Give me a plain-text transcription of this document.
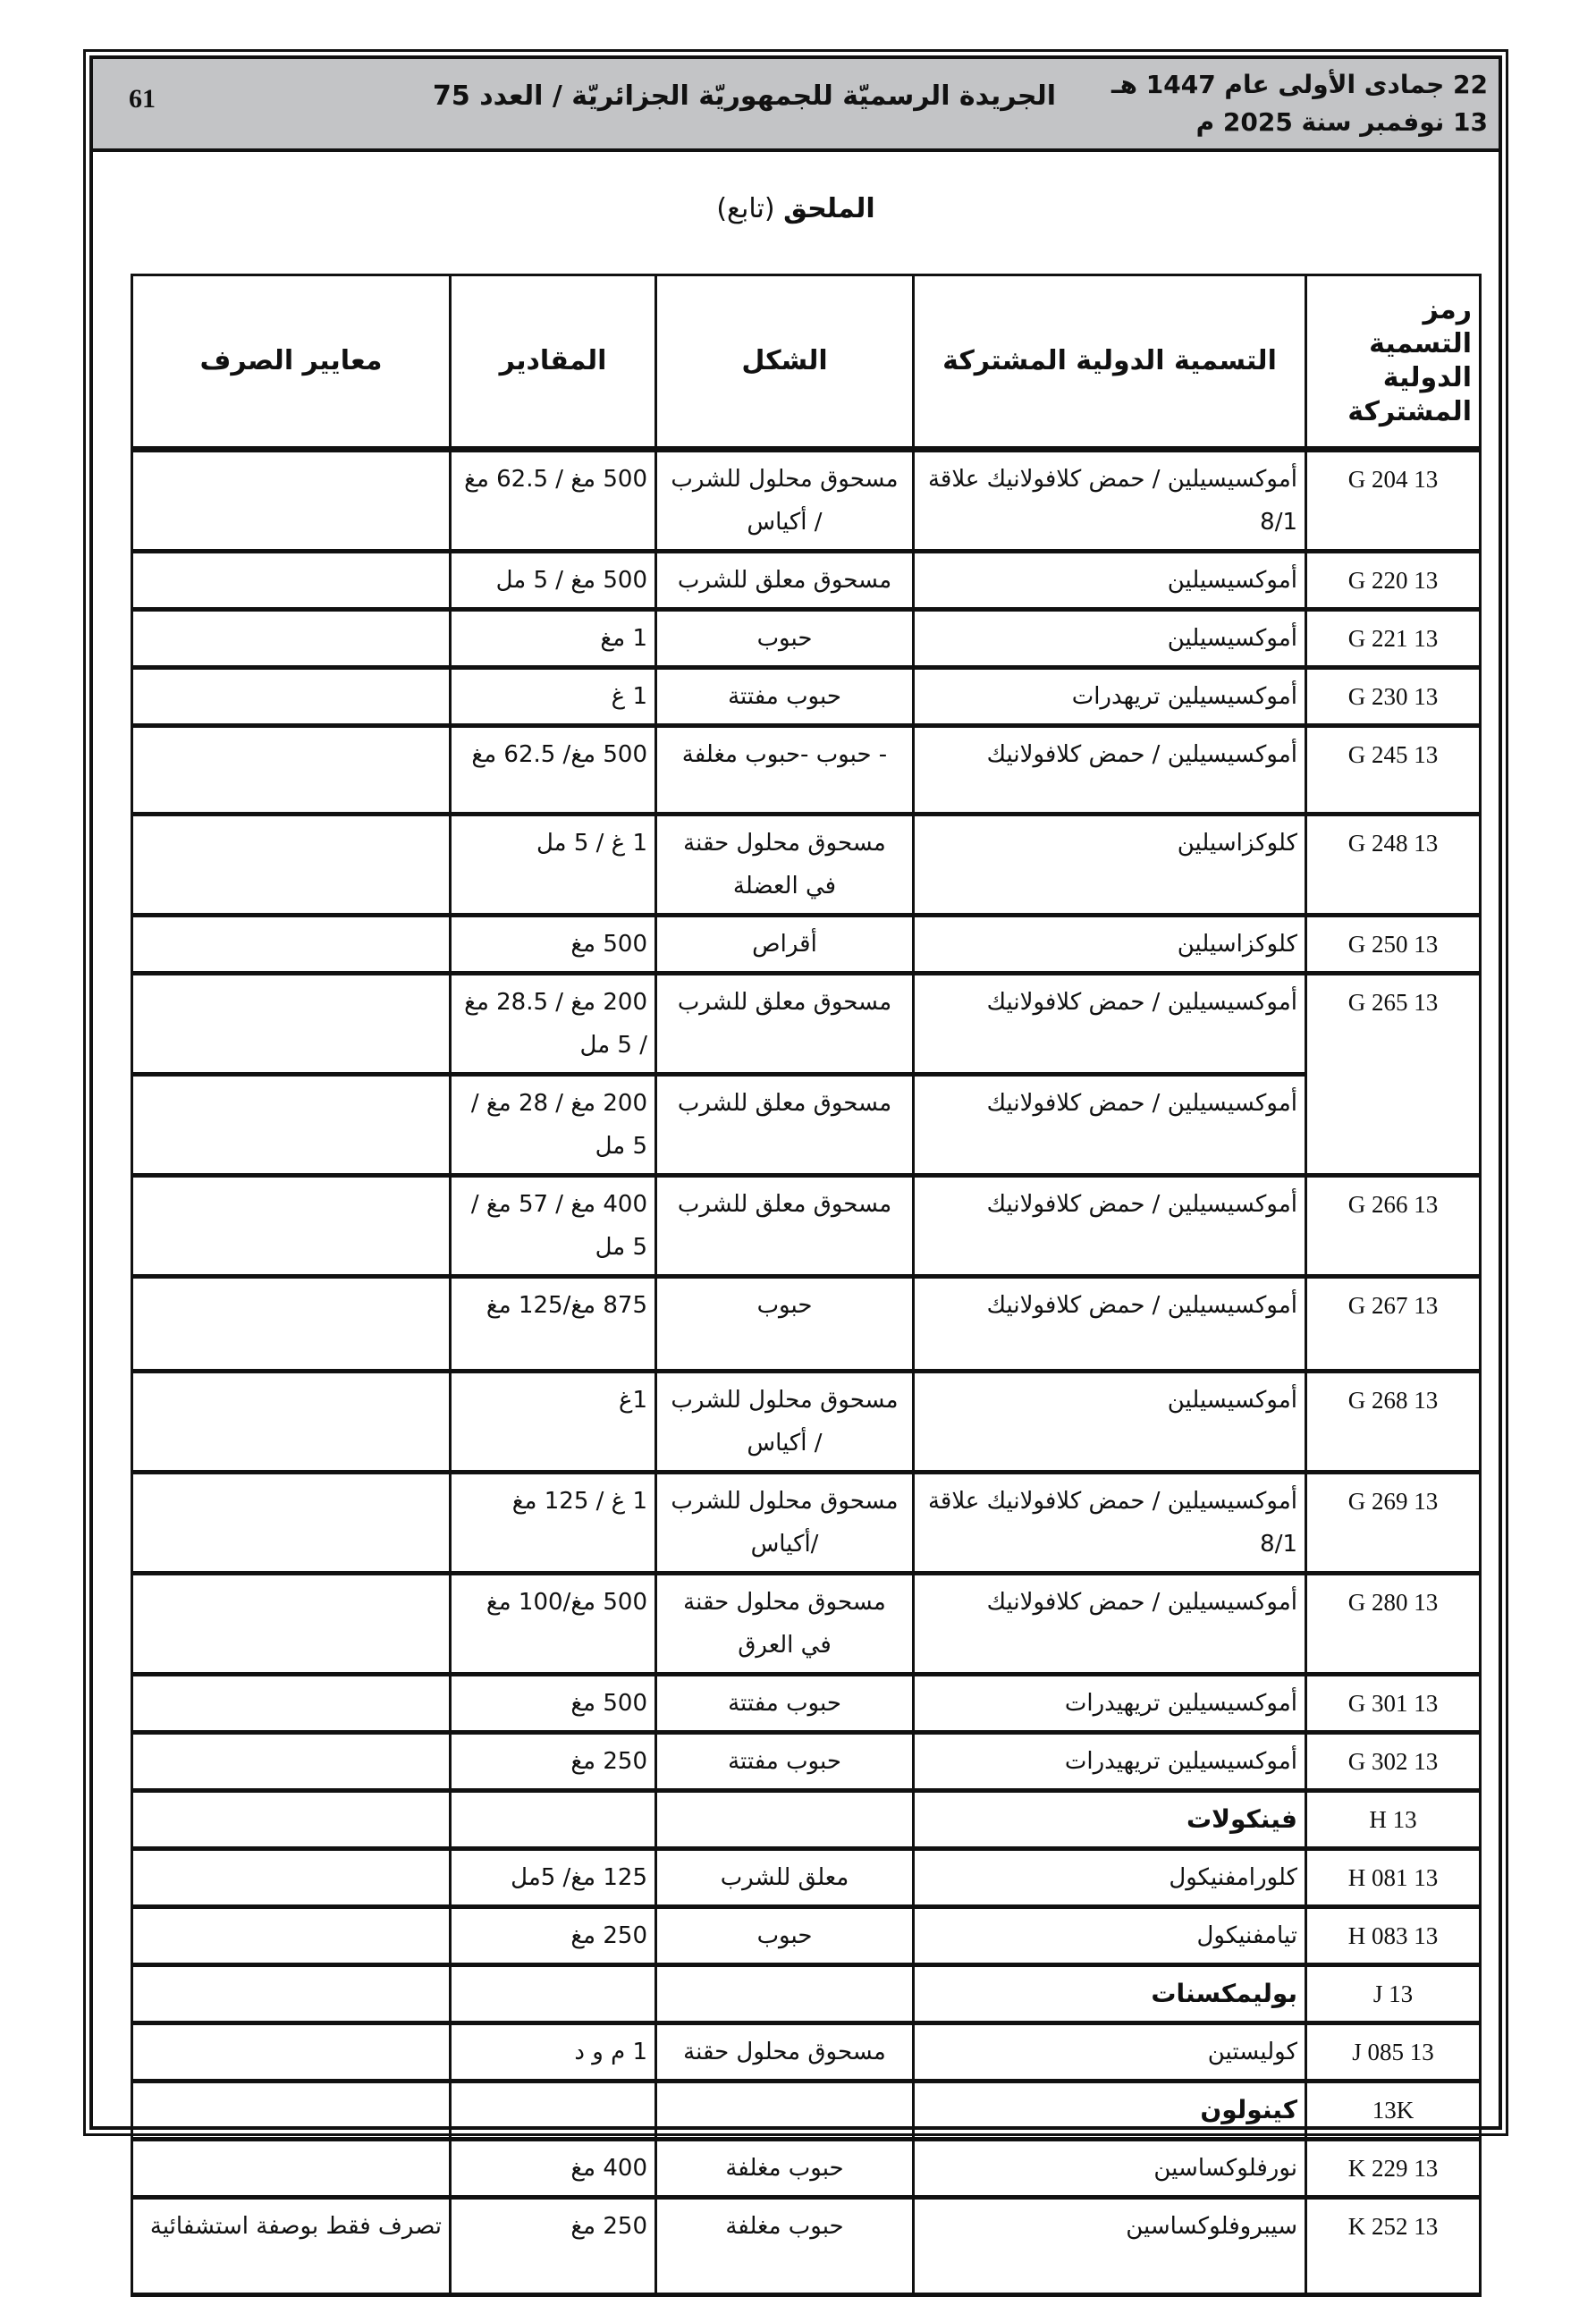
61	الجريدة الرسميّة للجمهوريّة الجزائريّة / العدد 75 22 جمادى الأولى عام 1447 هـ
13 نوفمبر سنة 2025 م
الملحق (تابع)
رمز التسمية الدولية المشتركة	التسمية الدولية المشتركة	الشكل	المقادير	معايير الصرف
13 G 204	أموكسيسيلين / حمض كلافولانيك علاقة 8/1	مسحوق محلول للشرب / أكياس	500 مغ / 62.5 مغ	
13 G 220	أموكسيسيلين	مسحوق معلق للشرب	500 مغ / 5 مل	
13 G 221	أموكسيسيلين	حبوب	1 مغ	
13 G 230	أموكسيسيلين تريهدرات	حبوب مفتتة	1 غ	
13 G 245	أموكسيسيلين / حمض كلافولانيك	- حبوب -حبوب مغلفة	500 مغ/ 62.5 مغ	
13 G 248	كلوكزاسيلين	مسحوق محلول حقنة في العضلة	1 غ / 5 مل	
13 G 250	كلوكزاسيلين	أقراص	500 مغ	
13 G 265	أموكسيسيلين / حمض كلافولانيك	مسحوق معلق للشرب	200 مغ / 28.5 مغ / 5 مل	
	أموكسيسيلين / حمض كلافولانيك	مسحوق معلق للشرب	200 مغ / 28 مغ / 5 مل	
13 G 266	أموكسيسيلين / حمض كلافولانيك	مسحوق معلق للشرب	400 مغ / 57 مغ / 5 مل	
13 G 267	أموكسيسيلين / حمض كلافولانيك	حبوب	875 مغ/125 مغ	
13 G 268	أموكسيسيلين	مسحوق محلول للشرب / أكياس	1غ	
13 G 269	أموكسيسيلين / حمض كلافولانيك علاقة 8/1	مسحوق محلول للشرب /أكياس	1 غ / 125 مغ	
13 G 280	أموكسيسيلين / حمض كلافولانيك	مسحوق محلول حقنة في العرق	500 مغ/100 مغ	
13 G 301	أموكسيسيلين تريهيدرات	حبوب مفتتة	500 مغ	
13 G 302	أموكسيسيلين تريهيدرات	حبوب مفتتة	250 مغ	
13 H	فينكولات			
13 H 081	كلورامفنيكول	معلق للشرب	125 مغ/ 5مل	
13 H 083	تيامفنيكول	حبوب	250 مغ	
13 J	بوليمكسنات			
13 J 085	كوليستين	مسحوق محلول حقنة	1 م و د	
13K	كينولون			
13 K 229	نورفلوكساسين	حبوب مغلفة	400 مغ	
13 K 252	سيبروفلوكساسين	حبوب مغلفة	250 مغ	تصرف فقط بوصفة استشفائية
